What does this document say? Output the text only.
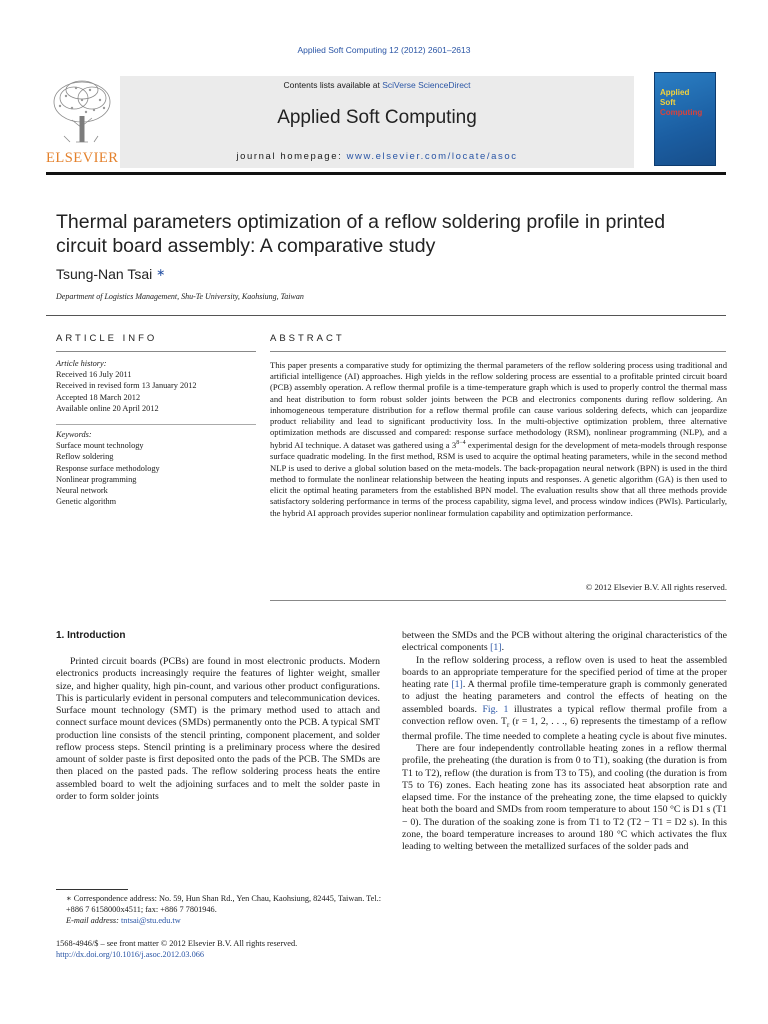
Applied Soft Computing 12 (2012) 2601–2613
Contents lists available at SciVerse ScienceDirect
Applied Soft Computing
journal homepage: www.elsevier.com/locate/asoc
ELSEVIER
Applied
Soft
Computing
Thermal parameters optimization of a reflow soldering profile in printed circuit board assembly: A comparative study
Tsung-Nan Tsai ∗
Department of Logistics Management, Shu-Te University, Kaohsiung, Taiwan
ARTICLE INFO
Article history:
Received 16 July 2011
Received in revised form 13 January 2012
Accepted 18 March 2012
Available online 20 April 2012
Keywords:
Surface mount technology
Reflow soldering
Response surface methodology
Nonlinear programming
Neural network
Genetic algorithm
ABSTRACT
This paper presents a comparative study for optimizing the thermal parameters of the reflow soldering process using traditional and artificial intelligence (AI) approaches. High yields in the reflow soldering process are essential to a profitable printed circuit board (PCB) assembly operation. A reflow thermal profile is a time-temperature graph which is used to properly control the thermal mass and heat distribution to form robust solder joints between the PCB and electronics components during reflow soldering. An inhomogeneous temperature distribution for a reflow thermal profile can cause various soldering defects, which can jeopardize product reliability and lead to significant productivity loss. In the multi-objective optimization problem, three alternative optimization methods are discussed and compared: response surface methodology (RSM), nonlinear programming (NLP), and a hybrid AI technique. A dataset was gathered using a $3^{8-4}$ experimental design for the development of meta-models through response surface quadratic modeling. In the first method, RSM is used to acquire the optimal heating parameters, while in the second method NLP is used to derive a global solution based on the meta-models. The back-propagation neural network (BPN) is used in the third method to formulate the nonlinear relationship between the heating inputs and responses. A genetic algorithm (GA) is then used to elicit the optimal heating parameters from the established BPN model. The evaluation results show that all three methods provide satisfactory soldering performance in terms of the process capability, sigma level, and process window indices (PWIs). Particularly, the hybrid AI approach provides superior nonlinear formulation capability and optimization performance.
© 2012 Elsevier B.V. All rights reserved.
1. Introduction

Printed circuit boards (PCBs) are found in most electronic products. Modern electronics products increasingly require the features of lighter weight, smaller size, and higher quality, high pin-count, and various other product configurations. This is particularly evident in personal computers and telecommunication devices. Surface mount technology (SMT) is the primary method used to attach and connect surface mount devices (SMDs) permanently onto the PCB. A typical SMT production line consists of the stencil printing, component placement, and solder reflow process steps. Stencil printing is a preliminary process where the desired amount of solder paste is first deposited onto the pads of the PCB. The SMDs are then placed on the pasted pads. The reflow soldering process heats the entire assembled board to welt the adjoining surfaces and to melt the solder paste in order to form solder joints

between the SMDs and the PCB without altering the original characteristics of the electrical components [1].

In the reflow soldering process, a reflow oven is used to heat the assembled boards to an appropriate temperature for the specified period of time at the proper heating rate [1]. A thermal profile time-temperature graph is commonly generated to adjust the heating parameters and control the effects of heating on the assembled boards. Fig. 1 illustrates a typical reflow thermal profile from a convection reflow oven. $T_r$ (r = 1, 2, . . ., 6) represents the timestamp of a reflow thermal profile. The time needed to complete a heating cycle is about five minutes.

There are four independently controllable heating zones in a reflow thermal profile, the preheating (the duration is from 0 to T1), soaking (the duration is from T1 to T2), reflow (the duration is from T3 to T5), and cooling (the duration is from T5 to T6) zones. Each heating zone has its associated heat absorption rate and elapsed time. For the instance of the preheating zone, the time elapsed to quickly heat both the board and SMDs from room temperature to about 150 °C is D1 s (T1 − 0). The duration of the soaking zone is from T1 to T2 (T2 − T1 = D2 s). In this zone, the board temperature increases to around 180 °C which activates the flux leading to welting between the metallized surfaces of the solder pads and

∗ Correspondence address: No. 59, Hun Shan Rd., Yen Chau, Kaohsiung, 82445, Taiwan. Tel.: +886 7 6158000x4511; fax: +886 7 7801946.
E-mail address: tntsai@stu.edu.tw
1568-4946/$ – see front matter © 2012 Elsevier B.V. All rights reserved.
http://dx.doi.org/10.1016/j.asoc.2012.03.066
